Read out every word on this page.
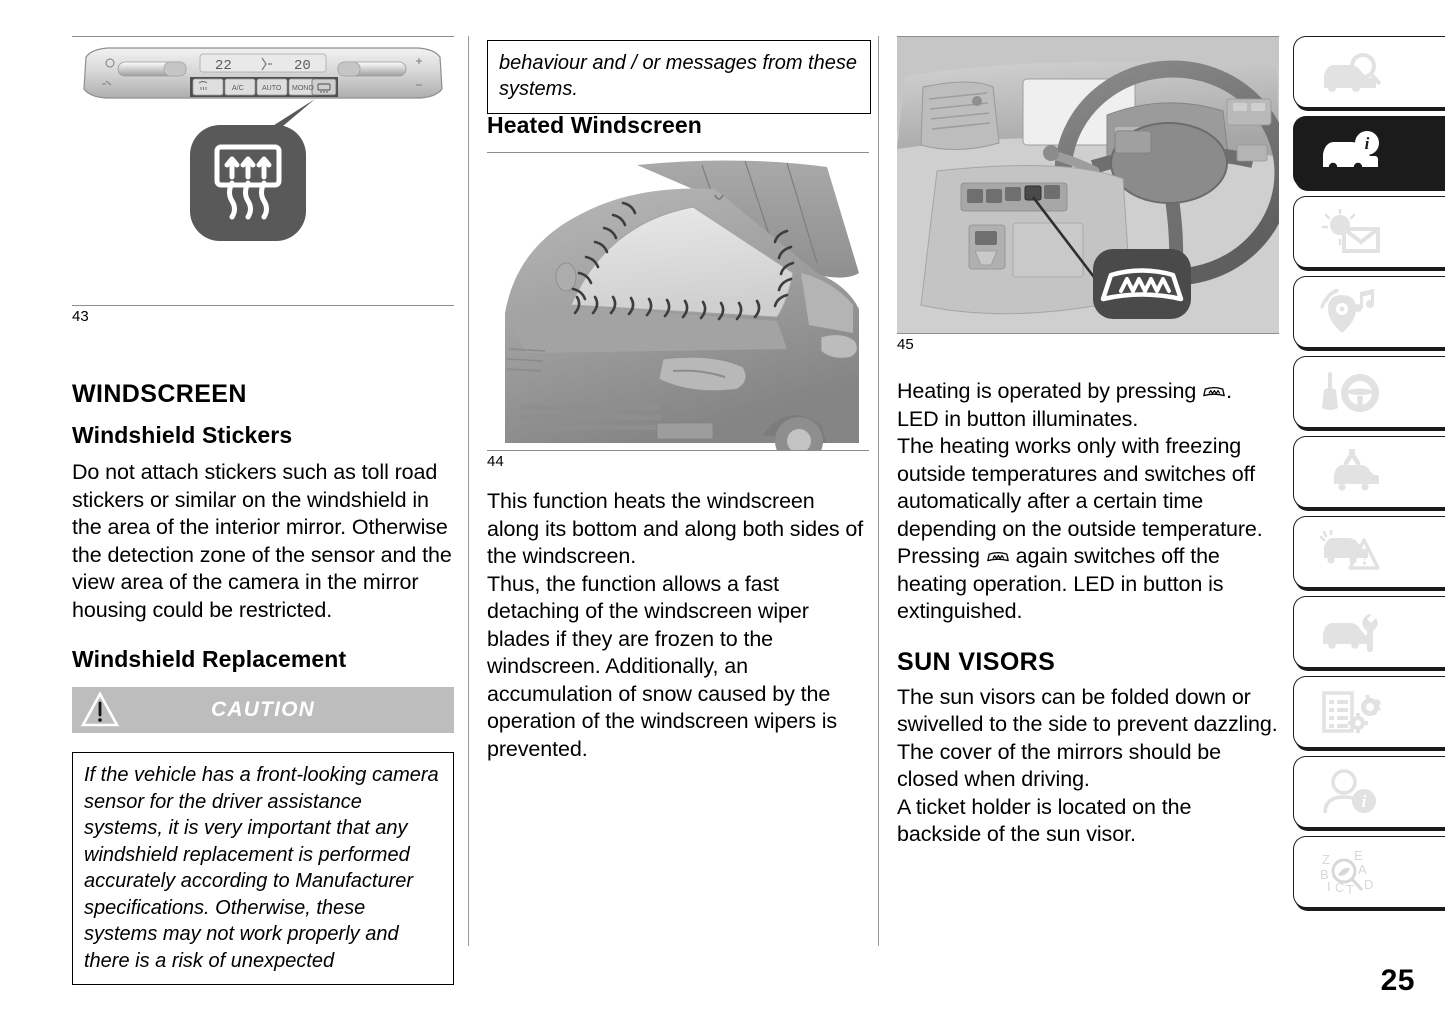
22	20
A/C	AUTO MONO
43
WINDSCREEN
Windshield Stickers

Do not attach stickers such as toll road stickers or similar on the windshield in the area of the interior mirror. Otherwise the detection zone of the sensor and the view area of the camera in the mirror housing could be restricted.

Windshield Replacement
CAUTION

If the vehicle has a front-looking camera sensor for the driver assistance systems, it is very important that any windshield replacement is performed accurately according to Manufacturer specifications. Otherwise, these systems may not work properly and there is a risk of unexpected

behaviour and / or messages from these systems.

Heated Windscreen
44

This function heats the windscreen along its bottom and along both sides of the windscreen.

Thus, the function allows a fast detaching of the windscreen wiper blades if they are frozen to the windscreen. Additionally, an accumulation of snow caused by the operation of the windscreen wipers is prevented.

45

Heating is operated by pressing . LED in button illuminates.

The heating works only with freezing outside temperatures and switches off automatically after a certain time depending on the outside temperature.

Pressing  again switches off the heating operation. LED in button is extinguished.

SUN VISORS

The sun visors can be folded down or swivelled to the side to prevent dazzling.

The cover of the mirrors should be closed when driving.

A ticket holder is located on the backside of the sun visor.

i
i
Z E
B A
I C T D
25
